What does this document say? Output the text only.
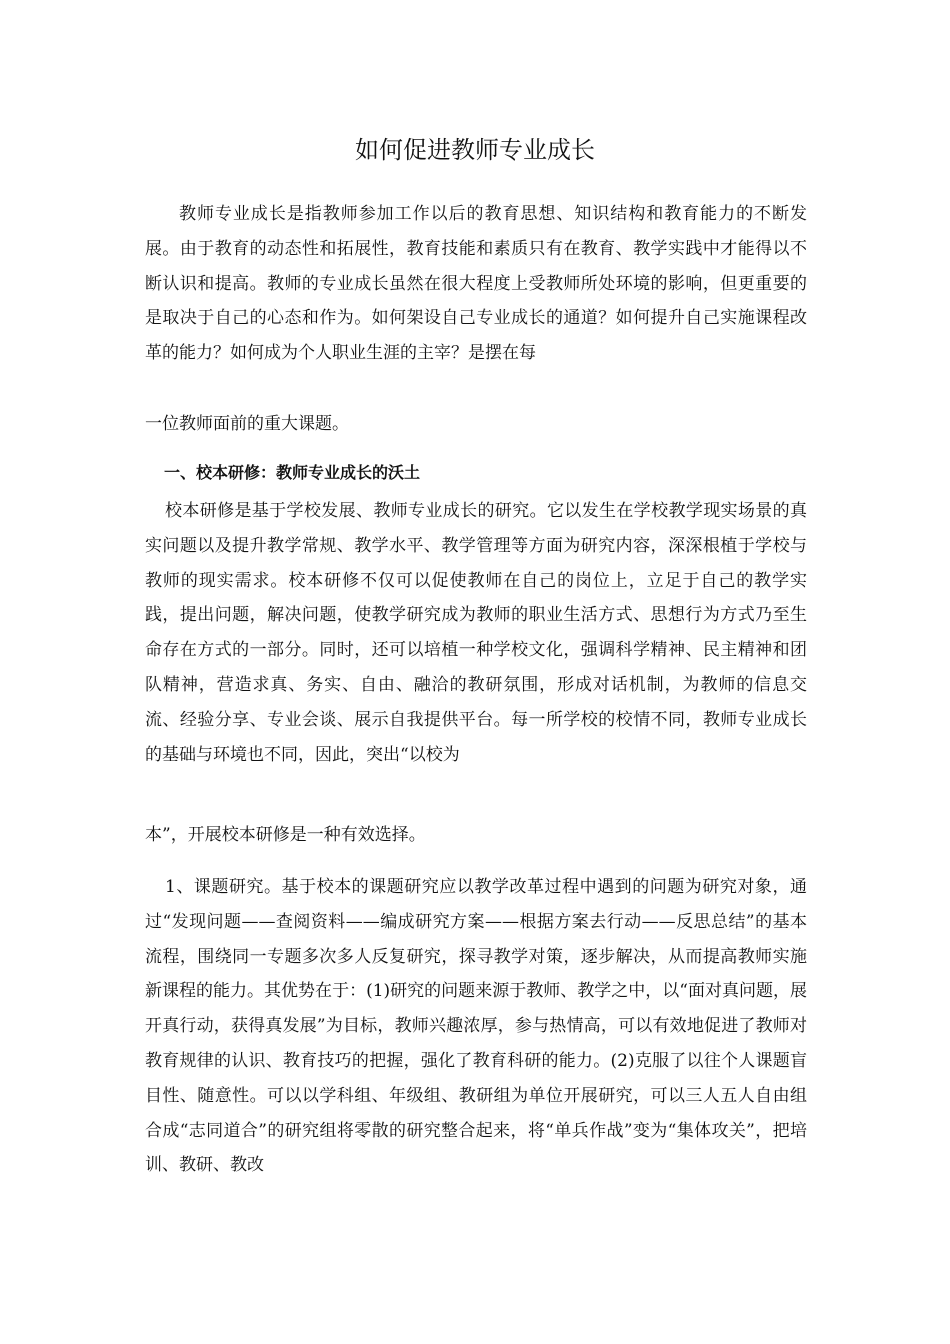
如何促进教师专业成长

教师专业成长是指教师参加工作以后的教育思想、知识结构和教育能力的不断发展。由于教育的动态性和拓展性，教育技能和素质只有在教育、教学实践中才能得以不断认识和提高。教师的专业成长虽然在很大程度上受教师所处环境的影响，但更重要的是取决于自己的心态和作为。如何架设自己专业成长的通道？如何提升自己实施课程改革的能力？如何成为个人职业生涯的主宰？是摆在每

一位教师面前的重大课题。

一、校本研修：教师专业成长的沃土

校本研修是基于学校发展、教师专业成长的研究。它以发生在学校教学现实场景的真实问题以及提升教学常规、教学水平、教学管理等方面为研究内容，深深根植于学校与教师的现实需求。校本研修不仅可以促使教师在自己的岗位上，立足于自己的教学实践，提出问题，解决问题，使教学研究成为教师的职业生活方式、思想行为方式乃至生命存在方式的一部分。同时，还可以培植一种学校文化，强调科学精神、民主精神和团队精神，营造求真、务实、自由、融洽的教研氛围，形成对话机制，为教师的信息交流、经验分享、专业会谈、展示自我提供平台。每一所学校的校情不同，教师专业成长的基础与环境也不同，因此，突出“以校为

本”，开展校本研修是一种有效选择。

1、课题研究。基于校本的课题研究应以教学改革过程中遇到的问题为研究对象，通过“发现问题——查阅资料——编成研究方案——根据方案去行动——反思总结”的基本流程，围绕同一专题多次多人反复研究，探寻教学对策，逐步解决，从而提高教师实施新课程的能力。其优势在于：(1)研究的问题来源于教师、教学之中，以“面对真问题，展开真行动，获得真发展”为目标，教师兴趣浓厚，参与热情高，可以有效地促进了教师对教育规律的认识、教育技巧的把握，强化了教育科研的能力。(2)克服了以往个人课题盲目性、随意性。可以以学科组、年级组、教研组为单位开展研究，可以三人五人自由组合成“志同道合”的研究组将零散的研究整合起来，将“单兵作战”变为“集体攻关”，把培训、教研、教改
